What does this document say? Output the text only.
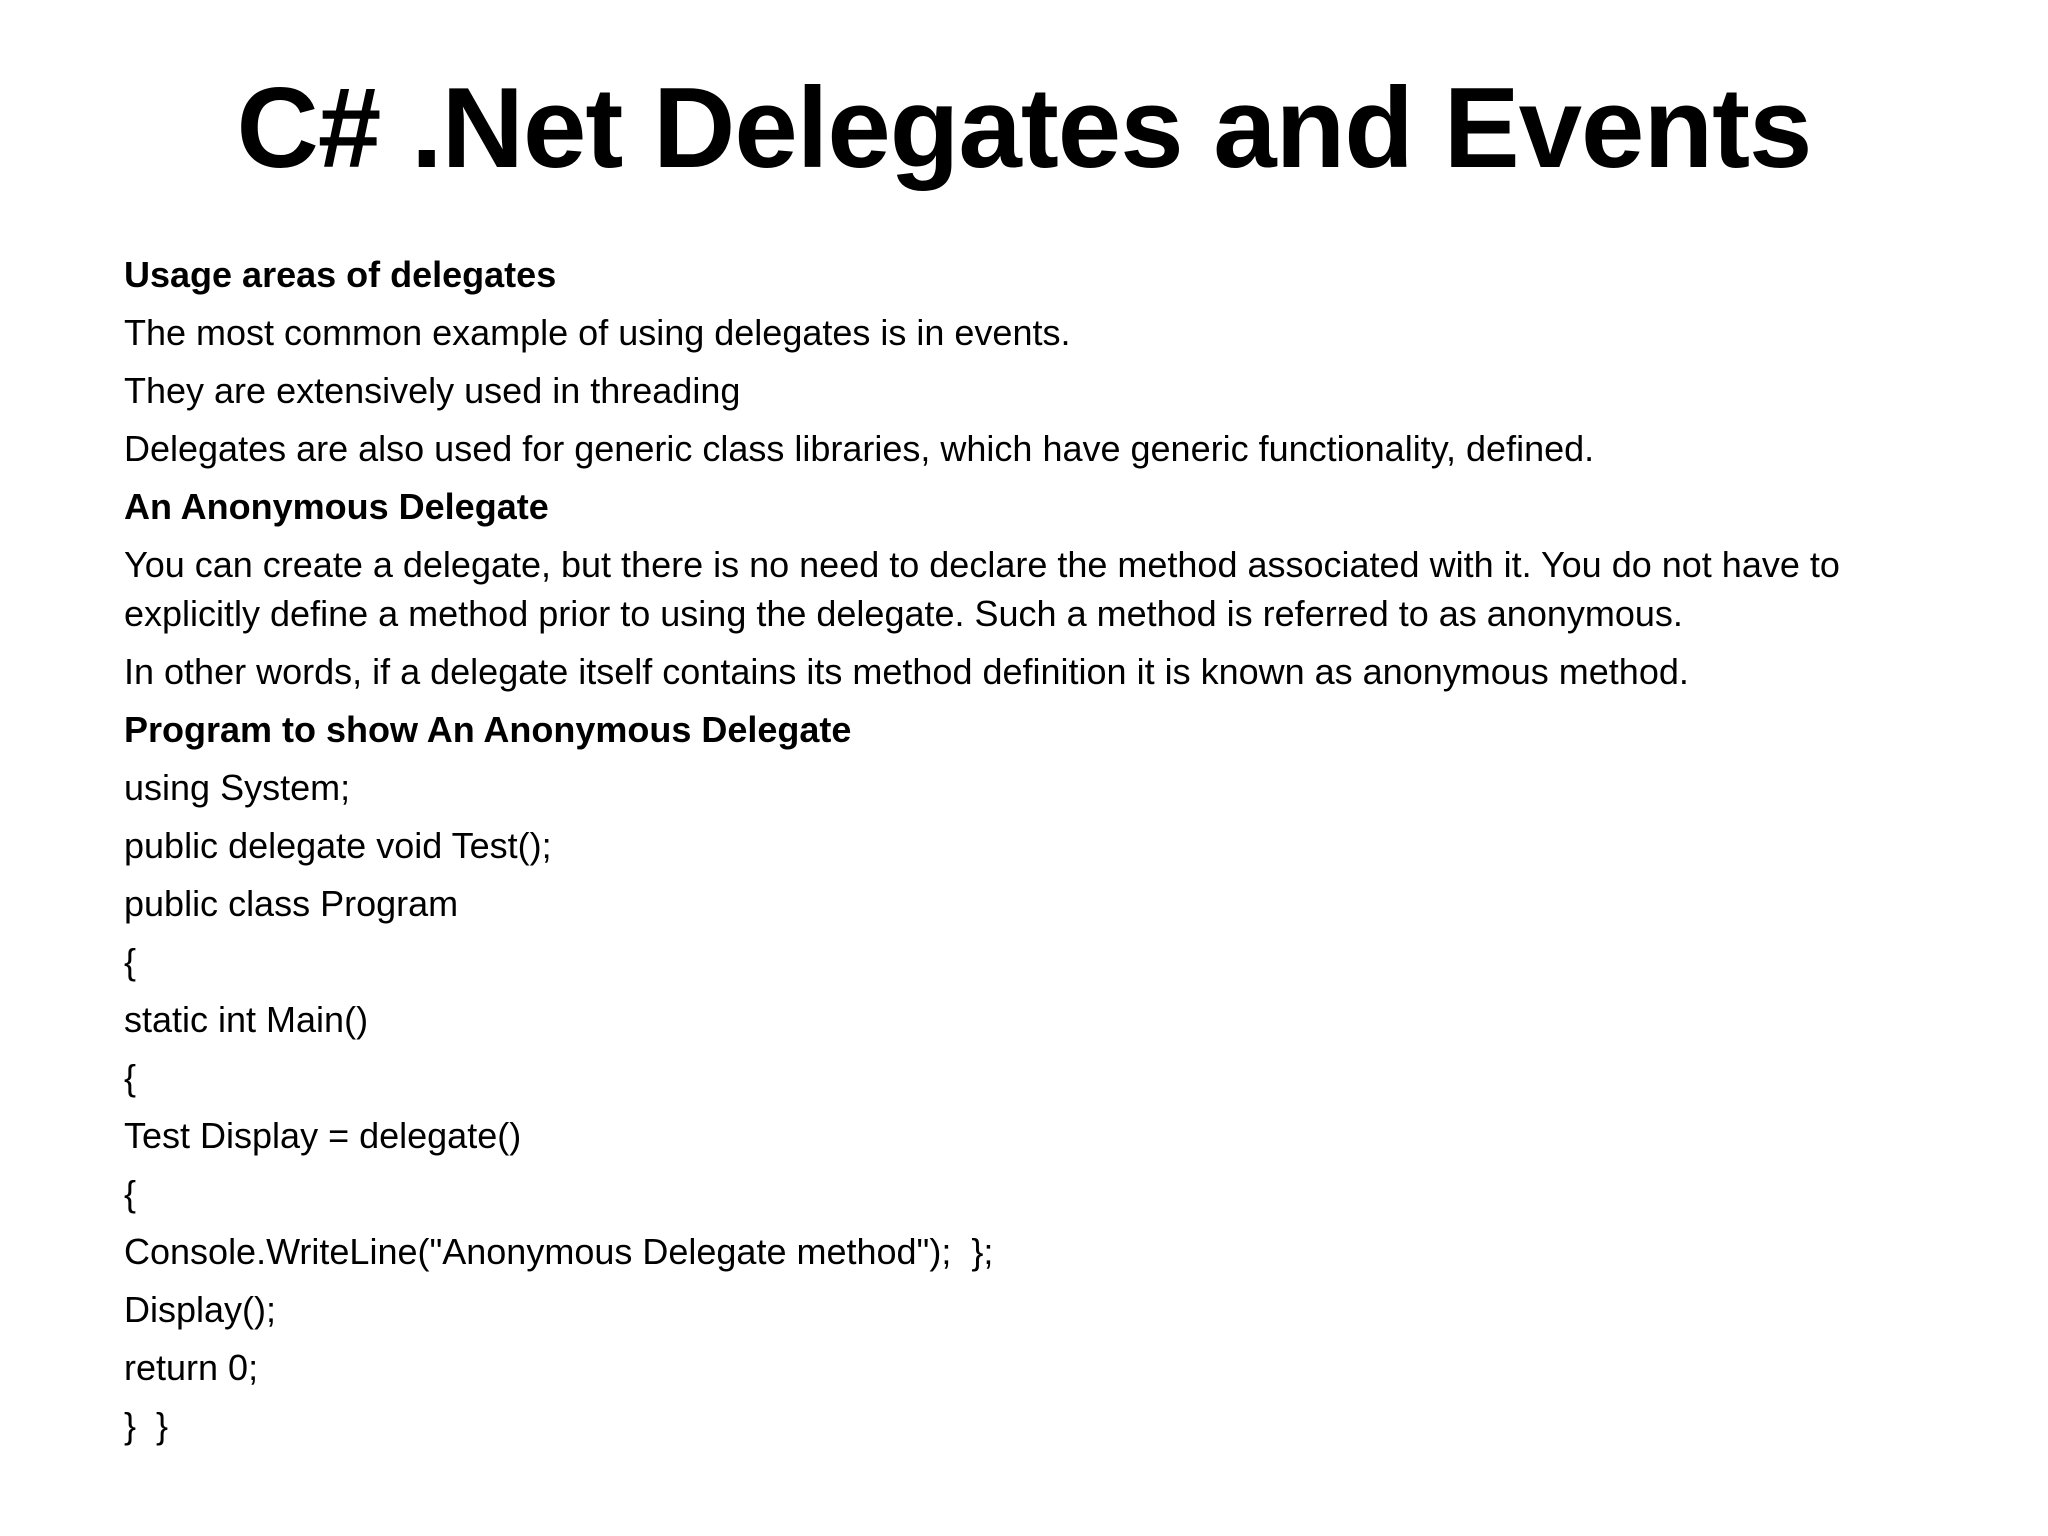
C# .Net Delegates and Events
Usage areas of delegates
The most common example of using delegates is in events.
They are extensively used in threading
Delegates are also used for generic class libraries, which have generic functionality, defined.
An Anonymous Delegate
You can create a delegate, but there is no need to declare the method associated with it. You do not have to explicitly define a method prior to using the delegate. Such a method is referred to as anonymous.
In other words, if a delegate itself contains its method definition it is known as anonymous method.
Program to show An Anonymous Delegate
using System;
public delegate void Test();
public class Program
{
static int Main()
{
Test Display = delegate()
{
Console.WriteLine("Anonymous Delegate method");  };
Display();
return 0;
}  }
